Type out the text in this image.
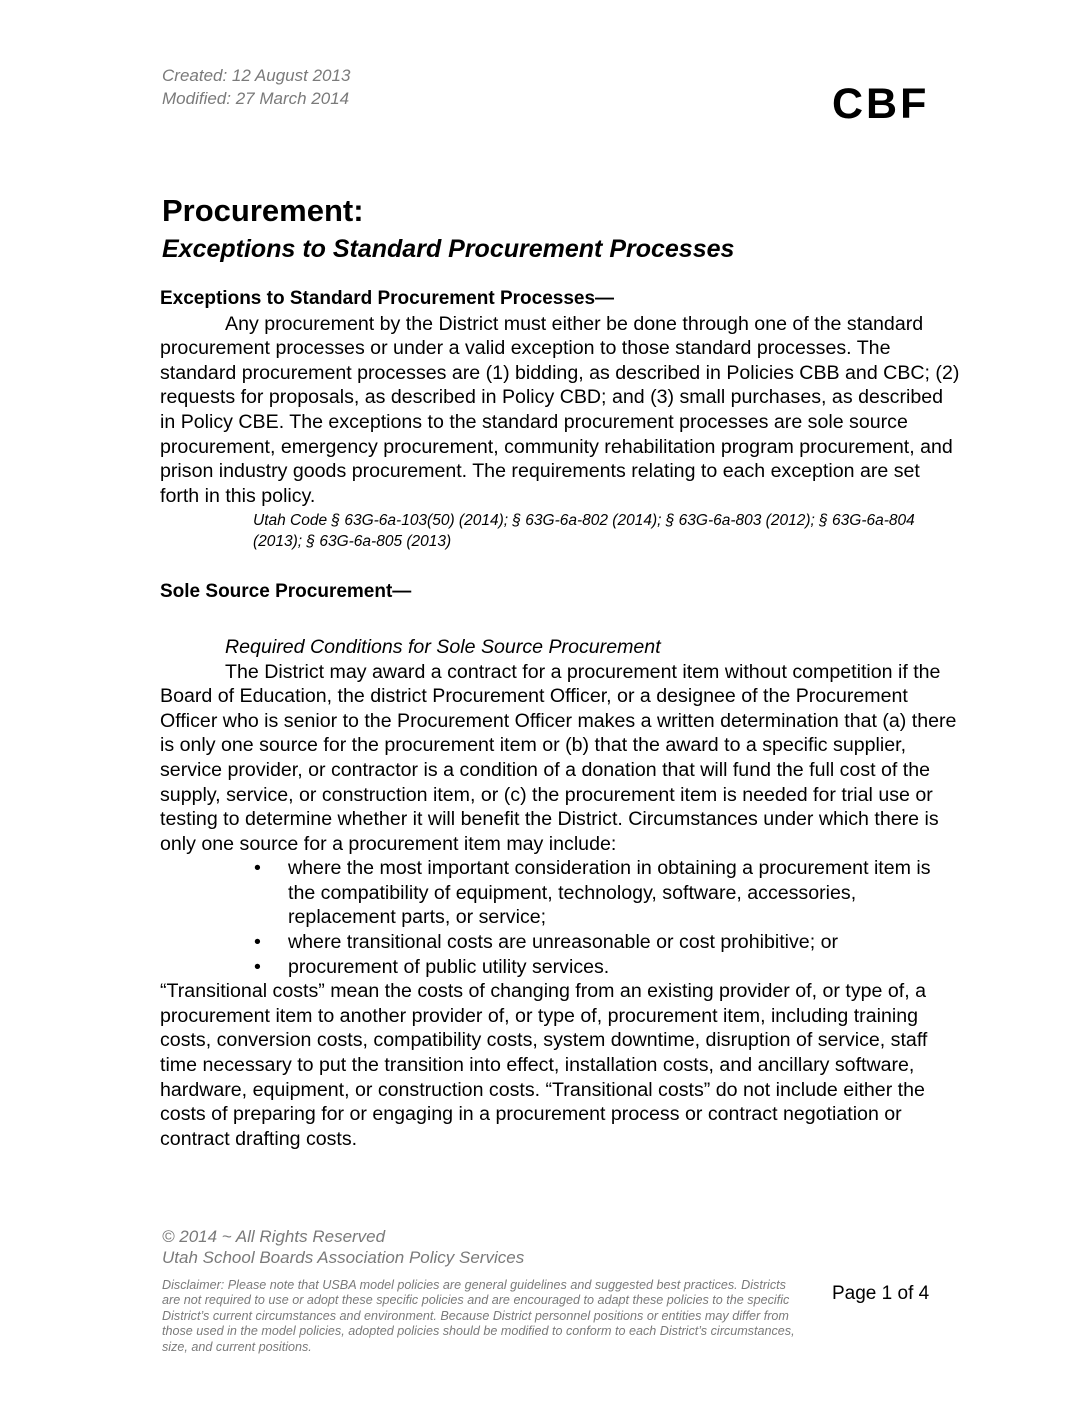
Created: 12 August 2013
Modified: 27 March 2014	CBF
Procurement:
Exceptions to Standard Procurement Processes

Exceptions to Standard Procurement Processes—

Any procurement by the District must either be done through one of the standard procurement processes or under a valid exception to those standard processes. The standard procurement processes are (1) bidding, as described in Policies CBB and CBC; (2) requests for proposals, as described in Policy CBD; and (3) small purchases, as described in Policy CBE. The exceptions to the standard procurement processes are sole source procurement, emergency procurement, community rehabilitation program procurement, and prison industry goods procurement. The requirements relating to each exception are set forth in this policy.

Utah Code § 63G-6a-103(50) (2014); § 63G-6a-802 (2014); § 63G-6a-803 (2012); § 63G-6a-804 (2013); § 63G-6a-805 (2013)

Sole Source Procurement—

Required Conditions for Sole Source Procurement

The District may award a contract for a procurement item without competition if the Board of Education, the district Procurement Officer, or a designee of the Procurement Officer who is senior to the Procurement Officer makes a written determination that (a) there is only one source for the procurement item or (b) that the award to a specific supplier, service provider, or contractor is a condition of a donation that will fund the full cost of the supply, service, or construction item, or (c) the procurement item is needed for trial use or testing to determine whether it will benefit the District. Circumstances under which there is only one source for a procurement item may include:

• where the most important consideration in obtaining a procurement item is the compatibility of equipment, technology, software, accessories, replacement parts, or service;
• where transitional costs are unreasonable or cost prohibitive; or
• procurement of public utility services.

“Transitional costs” mean the costs of changing from an existing provider of, or type of, a procurement item to another provider of, or type of, procurement item, including training costs, conversion costs, compatibility costs, system downtime, disruption of service, staff time necessary to put the transition into effect, installation costs, and ancillary software, hardware, equipment, or construction costs. “Transitional costs” do not include either the costs of preparing for or engaging in a procurement process or contract negotiation or contract drafting costs.

© 2014 ~ All Rights Reserved
Utah School Boards Association Policy Services
Disclaimer: Please note that USBA model policies are general guidelines and suggested best practices. Districts are not required to use or adopt these specific policies and are encouraged to adapt these policies to the specific District’s current circumstances and environment. Because District personnel positions or entities may differ from those used in the model policies, adopted policies should be modified to conform to each District’s circumstances, size, and current positions.
Page 1 of 4
